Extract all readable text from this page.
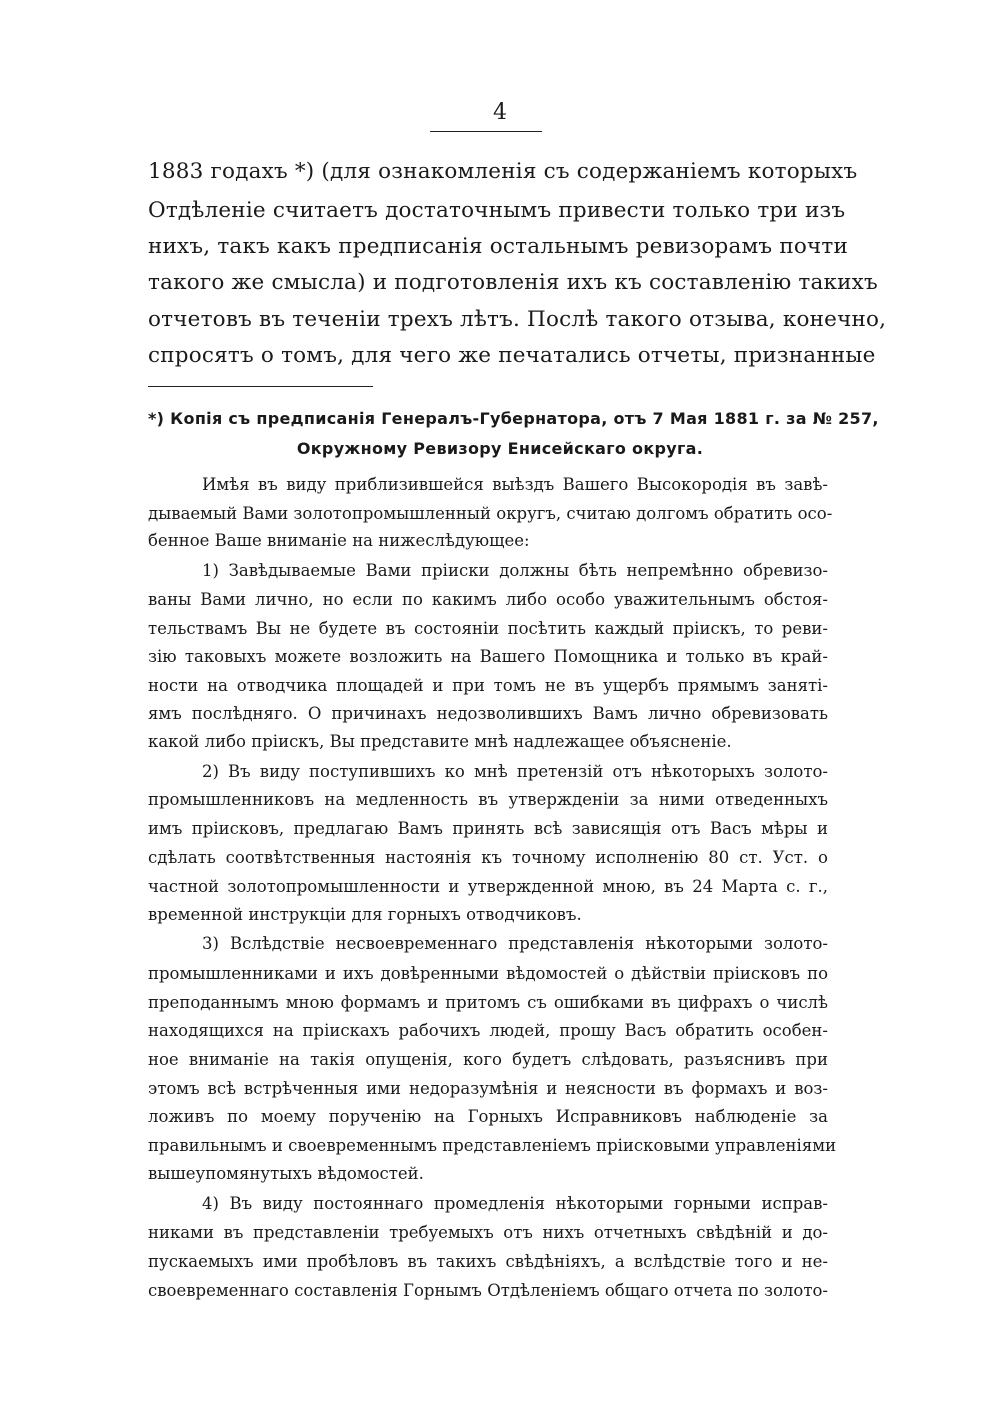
4
1883 годахъ *) (для ознакомленія съ содержаніемъ которыхъ
Отдѣленіе считаетъ достаточнымъ привести только три изъ
нихъ, такъ какъ предписанія остальнымъ ревизорамъ почти
такого же смысла) и подготовленія ихъ къ составленію такихъ
отчетовъ въ теченіи трехъ лѣтъ. Послѣ такого отзыва, конечно,
спросятъ о томъ, для чего же печатались отчеты, признанные
*) Копія съ предписанія Генералъ-Губернатора, отъ 7 Мая 1881 г. за № 257,
Окружному Ревизору Енисейскаго округа.
Имѣя въ виду приблизившейся выѣздъ Вашего Высокородія въ завѣ-
дываемый Вами золотопромышленный округъ, считаю долгомъ обратить осо-
бенное Ваше вниманіе на нижеслѣдующее:
1) Завѣдываемые Вами пріиски должны бѣть непремѣнно обревизо-
ваны Вами лично, но если по какимъ либо особо уважительнымъ обстоя-
тельствамъ Вы не будете въ состояніи посѣтить каждый пріискъ, то реви-
зію таковыхъ можете возложить на Вашего Помощника и только въ край-
ности на отводчика площадей и при томъ не въ ущербъ прямымъ занятi-
ямъ послѣдняго. О причинахъ недозволившихъ Вамъ лично обревизовать
какой либо пріискъ, Вы представите мнѣ надлежащее объясненіе.
2) Въ виду поступившихъ ко мнѣ претензій отъ нѣкоторыхъ золото-
промышленниковъ на медленность въ утвержденіи за ними отведенныхъ
имъ пріисковъ, предлагаю Вамъ принять всѣ зависящія отъ Васъ мѣры и
сдѣлать соотвѣтственныя настоянія къ точному исполненію 80 ст. Уст. о
частной золотопромышленности и утвержденной мною, въ 24 Марта с. г.,
временной инструкціи для горныхъ отводчиковъ.
3) Вслѣдствіе несвоевременнаго представленія нѣкоторыми золото-
промышленниками и ихъ довѣренными вѣдомостей о дѣйствіи пріисковъ по
преподаннымъ мною формамъ и притомъ съ ошибками въ цифрахъ о числѣ
находящихся на пріискахъ рабочихъ людей, прошу Васъ обратить особен-
ное вниманіе на такія опущенія, кого будетъ слѣдовать, разъяснивъ при
этомъ всѣ встрѣченныя ими недоразумѣнія и неясности въ формахъ и воз-
ложивъ по моему порученію на Горныхъ Исправниковъ наблюденіе за
правильнымъ и своевременнымъ представленіемъ пріисковыми управленіями
вышеупомянутыхъ вѣдомостей.
4) Въ виду постояннаго промедленія нѣкоторыми горными исправ-
никами въ представленіи требуемыхъ отъ нихъ отчетныхъ свѣдѣній и до-
пускаемыхъ ими пробѣловъ въ такихъ свѣдѣніяхъ, а вслѣдствіе того и не-
своевременнаго составленія Горнымъ Отдѣленіемъ общаго отчета по золото-
